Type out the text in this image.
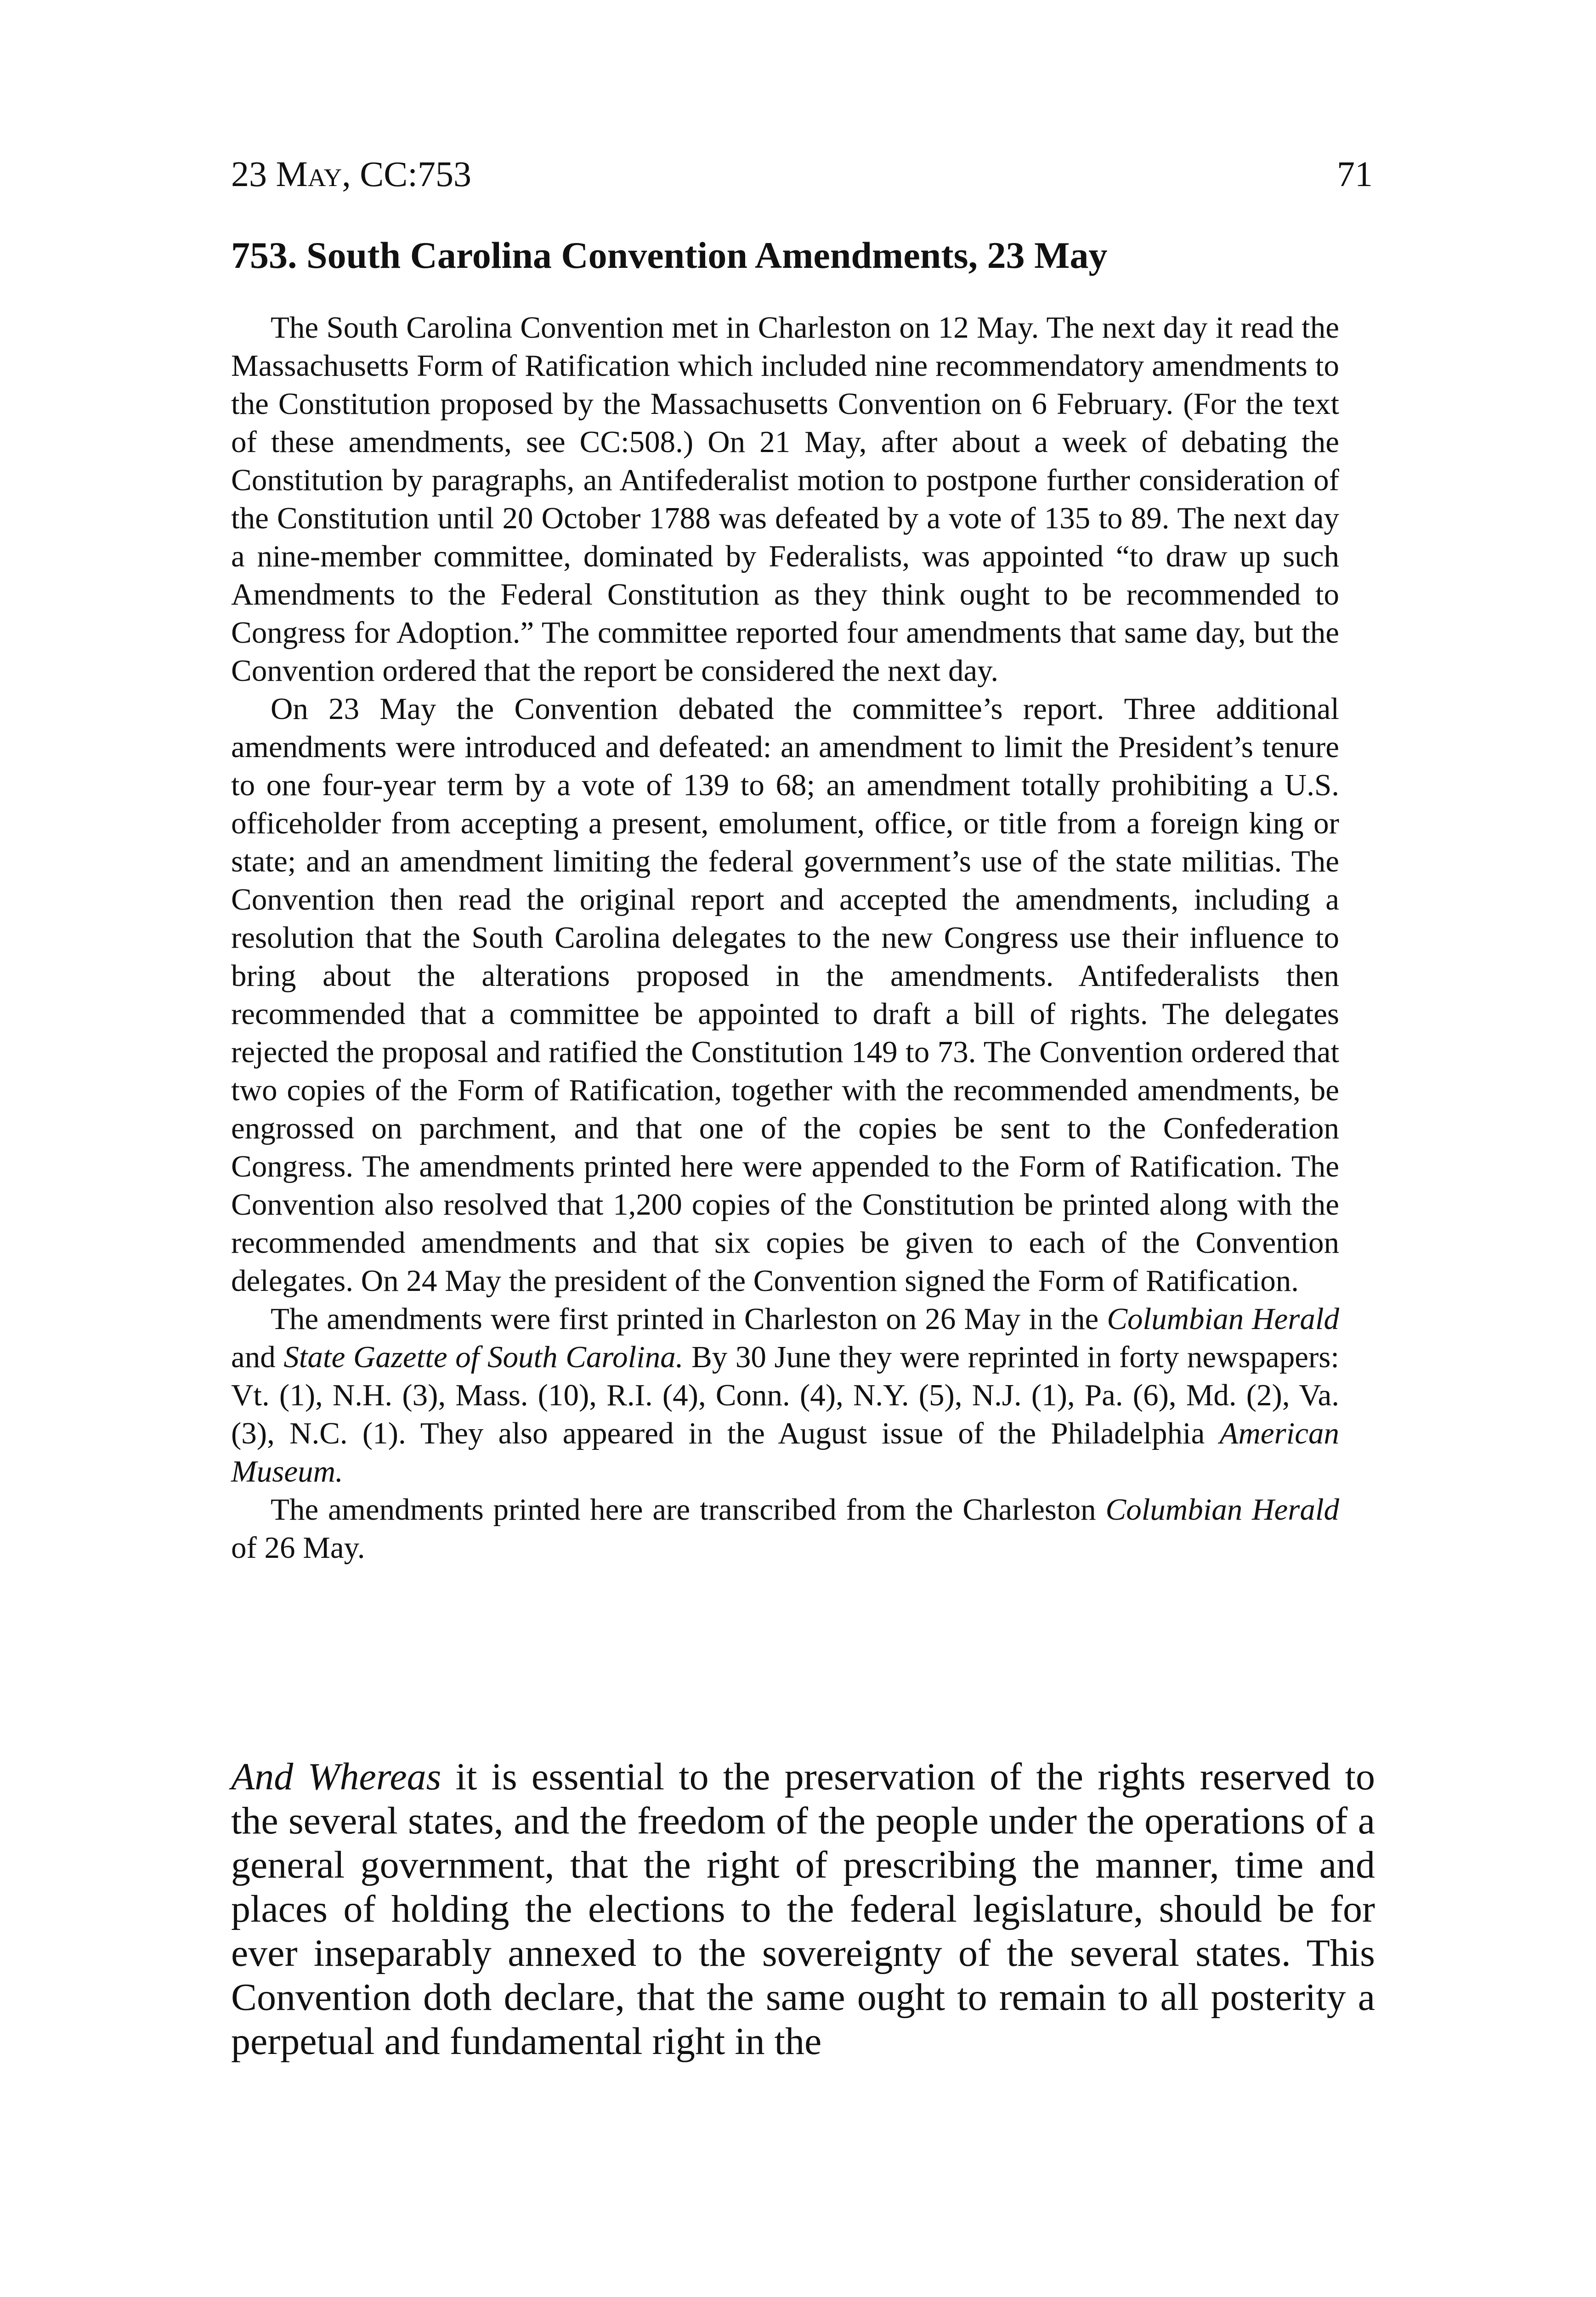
23 May, CC:753	71
753. South Carolina Convention Amendments, 23 May

The South Carolina Convention met in Charleston on 12 May. The next day it read the Massachusetts Form of Ratification which included nine recommendatory amendments to the Constitution proposed by the Massachusetts Convention on 6 February. (For the text of these amendments, see CC:508.) On 21 May, after about a week of debating the Constitution by paragraphs, an Antifederalist motion to postpone further consideration of the Constitution until 20 October 1788 was defeated by a vote of 135 to 89. The next day a nine-member committee, dominated by Federalists, was appointed “to draw up such Amendments to the Federal Constitution as they think ought to be recommended to Congress for Adoption.” The committee reported four amendments that same day, but the Convention ordered that the report be considered the next day.

On 23 May the Convention debated the committee’s report. Three additional amendments were introduced and defeated: an amendment to limit the President’s tenure to one four-year term by a vote of 139 to 68; an amendment totally prohibiting a U.S. officeholder from accepting a present, emolument, office, or title from a foreign king or state; and an amendment limiting the federal government’s use of the state militias. The Convention then read the original report and accepted the amendments, including a resolution that the South Carolina delegates to the new Congress use their influence to bring about the alterations proposed in the amendments. Antifederalists then recommended that a committee be appointed to draft a bill of rights. The delegates rejected the proposal and ratified the Constitution 149 to 73. The Convention ordered that two copies of the Form of Ratification, together with the recommended amendments, be engrossed on parchment, and that one of the copies be sent to the Confederation Congress. The amendments printed here were appended to the Form of Ratification. The Convention also resolved that 1,200 copies of the Constitution be printed along with the recommended amendments and that six copies be given to each of the Convention delegates. On 24 May the president of the Convention signed the Form of Ratification.

The amendments were first printed in Charleston on 26 May in the Columbian Herald and State Gazette of South Carolina. By 30 June they were reprinted in forty newspapers: Vt. (1), N.H. (3), Mass. (10), R.I. (4), Conn. (4), N.Y. (5), N.J. (1), Pa. (6), Md. (2), Va. (3), N.C. (1). They also appeared in the August issue of the Philadelphia American Museum.

The amendments printed here are transcribed from the Charleston Columbian Herald of 26 May.

And Whereas it is essential to the preservation of the rights reserved to the several states, and the freedom of the people under the operations of a general government, that the right of prescribing the manner, time and places of holding the elections to the federal legislature, should be for ever inseparably annexed to the sovereignty of the several states. This Convention doth declare, that the same ought to remain to all posterity a perpetual and fundamental right in the
